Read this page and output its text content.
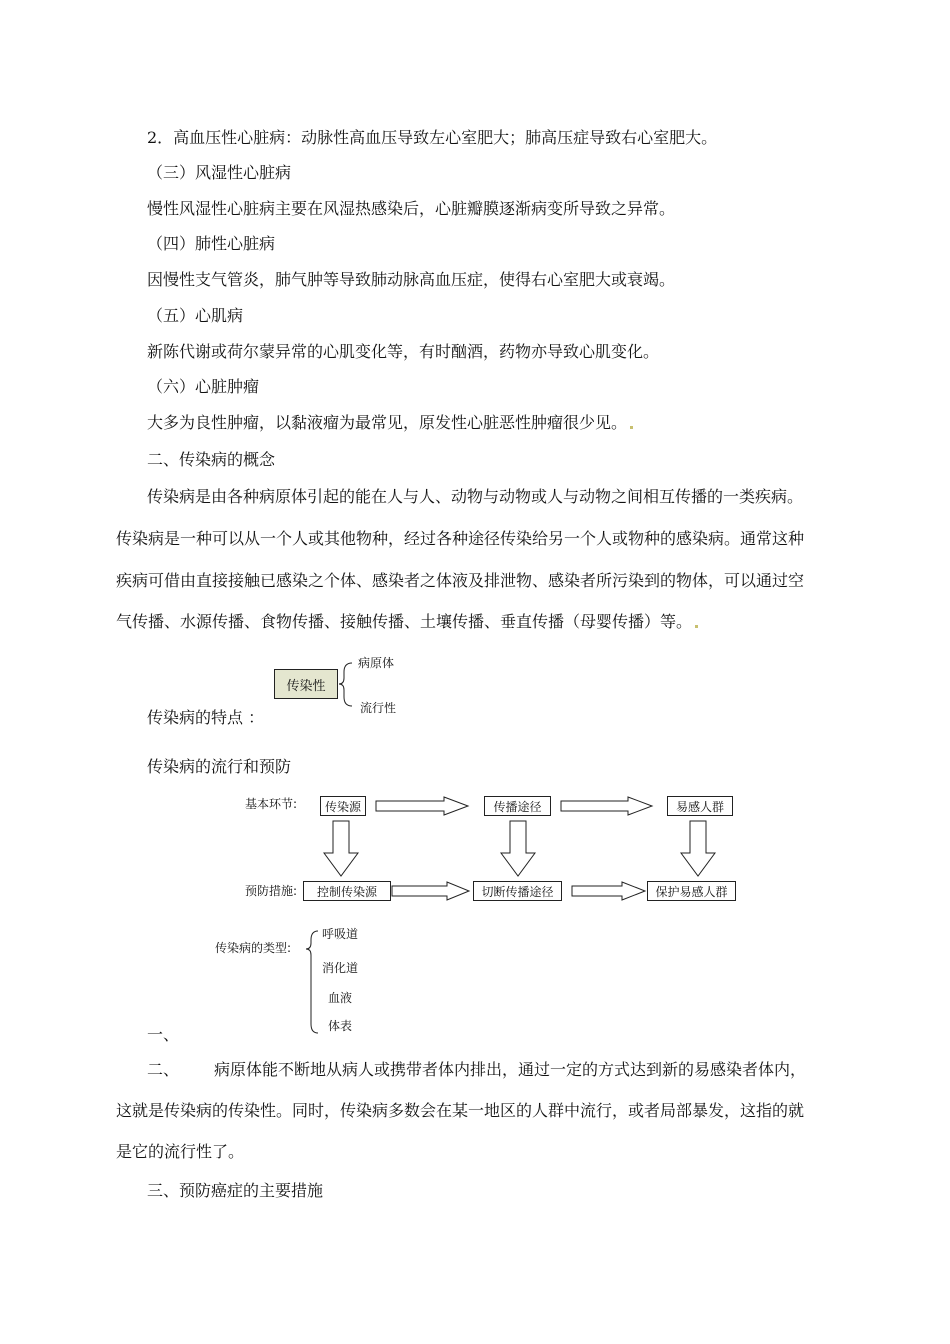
2．高血压性心脏病：动脉性高血压导致左心室肥大；肺高压症导致右心室肥大。
（三）风湿性心脏病
慢性风湿性心脏病主要在风湿热感染后，心脏瓣膜逐渐病变所导致之异常。
（四）肺性心脏病
因慢性支气管炎，肺气肿等导致肺动脉高血压症，使得右心室肥大或衰竭。
（五）心肌病
新陈代谢或荷尔蒙异常的心肌变化等，有时酗酒，药物亦导致心肌变化。
（六）心脏肿瘤
大多为良性肿瘤，以黏液瘤为最常见，原发性心脏恶性肿瘤很少见。
二、传染病的概念
传染病是由各种病原体引起的能在人与人、动物与动物或人与动物之间相互传播的一类疾病。
传染病是一种可以从一个人或其他物种，经过各种途径传染给另一个人或物种的感染病。通常这种
疾病可借由直接接触已感染之个体、感染者之体液及排泄物、感染者所污染到的物体，可以通过空
气传播、水源传播、食物传播、接触传播、土壤传播、垂直传播（母婴传播）等。
传染性
病原体
流行性
传染病的特点 ：
传染病的流行和预防
基本环节:	传染源	传播途径	易感人群
预防措施:	控制传染源	切断传播途径	保护易感人群
传染病的类型:
呼吸道
消化道
血液
体表
一、
二、 病原体能不断地从病人或携带者体内排出，通过一定的方式达到新的易感染者体内，
这就是传染病的传染性。同时，传染病多数会在某一地区的人群中流行，或者局部暴发，这指的就
是它的流行性了。
三、预防癌症的主要措施
